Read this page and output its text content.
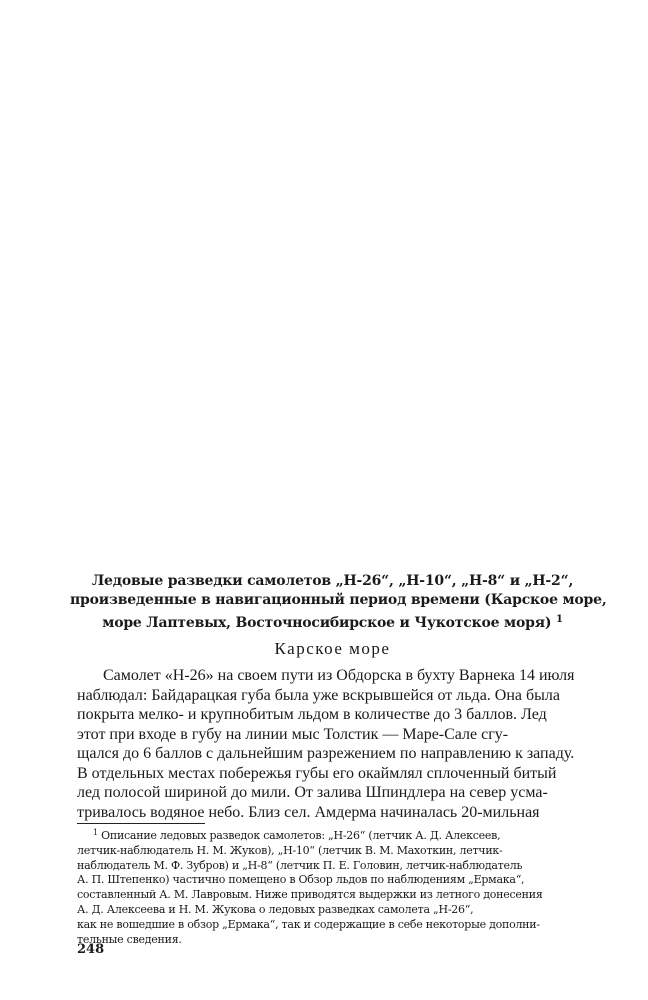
Ледовые разведки самолетов „Н-26“, „Н-10“, „Н-8“ и „Н-2“,
произведенные в навигационный период времени (Карское море,
море Лаптевых, Восточносибирское и Чукотское моря) $^1$
Карское море
Самолет «Н-26» на своем пути из Обдорска в бухту Варнека 14 июля
наблюдал: Байдарацкая губа была уже вскрывшейся от льда. Она была
покрыта мелко- и крупнобитым льдом в количестве до 3 баллов. Лед
этот при входе в губу на линии мыс Толстик — Маре-Сале сгу-
щался до 6 баллов с дальнейшим разрежением по направлению к западу.
В отдельных местах побережья губы его окаймлял сплоченный битый
лед полосой шириной до мили. От залива Шпиндлера на север усма-
тривалось водяное небо. Близ сел. Амдерма начиналась 20-мильная
$^1$ Описание ледовых разведок самолетов: „Н-26“ (летчик А. Д. Алексеев,
летчик-наблюдатель Н. М. Жуков), „Н-10“ (летчик В. М. Махоткин, летчик-
наблюдатель М. Ф. Зубров) и „Н-8“ (летчик П. Е. Головин, летчик-наблюдатель
А. П. Штепенко) частично помещено в Обзор льдов по наблюдениям „Ермака“,
составленный А. М. Лавровым. Ниже приводятся выдержки из летного донесения
А. Д. Алексеева и Н. М. Жукова о ледовых разведках самолета „Н-26“,
как не вошедшие в обзор „Ермака“, так и содержащие в себе некоторые дополни-
тельные сведения.
248
